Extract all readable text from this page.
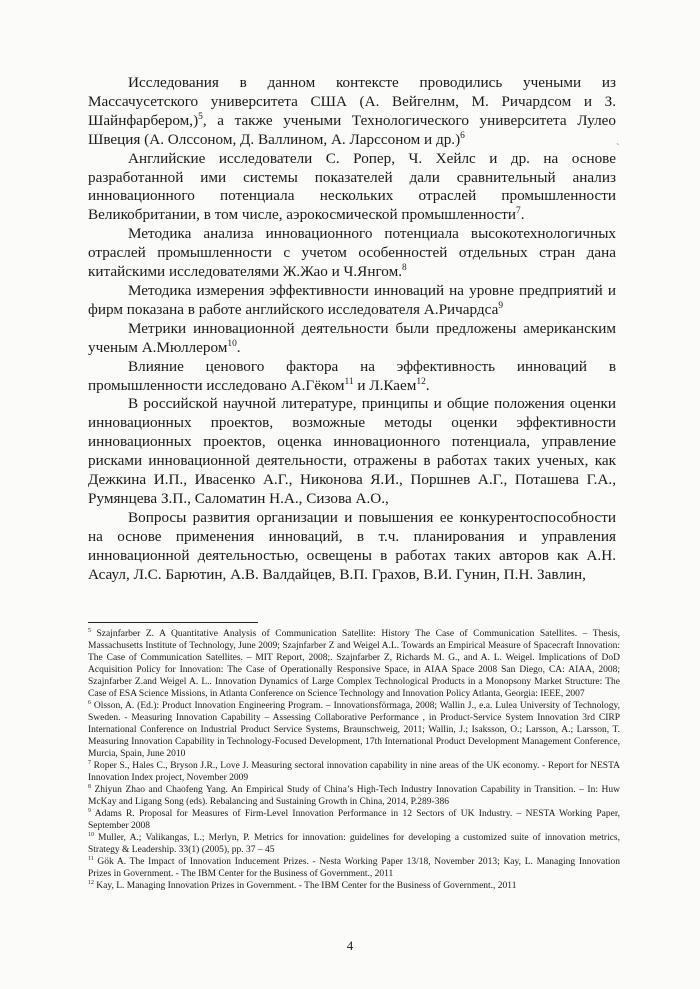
Исследования в данном контексте проводились учеными из Массачусетского университета США (А. Вейгелнм, М. Ричардсом и З. Шайнфарбером,)$^5$, а также учеными Технологического университета Лулео Швеция (А. Олссоном, Д. Валлином, А. Ларссоном и др.)$^6$

Английские исследователи С. Ропер, Ч. Хейлс и др. на основе разработанной ими системы показателей дали сравнительный анализ инновационного потенциала нескольких отраслей промышленности Великобритании, в том числе, аэрокосмической промышленности$^7$.

Методика анализа инновационного потенциала высокотехнологичных отраслей промышленности с учетом особенностей отдельных стран дана китайскими исследователями Ж.Жао и Ч.Янгом.$^8$

Методика измерения эффективности инноваций на уровне предприятий и фирм показана в работе английского исследователя А.Ричардса$^9$

Метрики инновационной деятельности были предложены американским ученым А.Мюллером$^{10}$.

Влияние ценового фактора на эффективность инноваций в промышленности исследовано А.Гёком$^{11}$ и Л.Каем$^{12}$.

В российской научной литературе, принципы и общие положения оценки инновационных проектов, возможные методы оценки эффективности инновационных проектов, оценка инновационного потенциала, управление рисками инновационной деятельности, отражены в работах таких ученых, как Дежкина И.П., Ивасенко А.Г., Никонова Я.И., Поршнев А.Г., Поташева Г.А., Румянцева З.П., Саломатин Н.А., Сизова А.О.,

Вопросы развития организации и повышения ее конкурентоспособности на основе применения инноваций, в т.ч. планирования и управления инновационной деятельностью, освещены в работах таких авторов как А.Н. Асаул, Л.С. Барютин, А.В. Валдайцев, В.П. Грахов, В.И. Гунин, П.Н. Завлин,

ˋ

$^5$ Szajnfarber Z. A Quantitative Analysis of Communication Satellite: History The Case of Communication Satellites. – Thesis, Massachusetts Institute of Technology, June 2009; Szajnfarber Z and Weigel A.L. Towards an Empirical Measure of Spacecraft Innovation: The Case of Communication Satellites. – MIT Report, 2008;. Szajnfarber Z, Richards M. G., and A. L. Weigel. Implications of DoD Acquisition Policy for Innovation: The Case of Operationally Responsive Space, in AIAA Space 2008 San Diego, CA: AIAA, 2008; Szajnfarber Z.and Weigel A. L.. Innovation Dynamics of Large Complex Technological Products in a Monopsony Market Structure: The Case of ESA Science Missions, in Atlanta Conference on Science Technology and Innovation Policy Atlanta, Georgia: IEEE, 2007

$^6$ Olsson, A. (Ed.): Product Innovation Engineering Program. – Innovationsförmaga, 2008; Wallin J., e.a. Lulea University of Technology, Sweden. - Measuring Innovation Capability – Assessing Collaborative Performance , in Product-Service System Innovation 3rd CIRP International Conference on Industrial Product Service Systems, Braunschweig, 2011; Wallin, J.; Isaksson, O.; Larsson, A.; Larsson, T. Measuring Innovation Capability in Technology-Focused Development, 17th International Product Development Management Conference, Murcia, Spain, June 2010

$^7$ Roper S., Hales C., Bryson J.R., Love J. Measuring sectoral innovation capability in nine areas of the UK economy. - Report for NESTA Innovation Index project, November 2009

$^8$ Zhiyun Zhao and Chaofeng Yang. An Empirical Study of China’s High-Tech Industry Innovation Capability in Transition. – In: Huw McKay and Ligang Song (eds). Rebalancing and Sustaining Growth in China, 2014, P.289-386

$^9$ Adams R. Proposal for Measures of Firm-Level Innovation Performance in 12 Sectors of UK Industry. – NESTA Working Paper, September 2008

$^{10}$ Muller, A.; Valikangas, L.; Merlyn, P. Metrics for innovation: guidelines for developing a customized suite of innovation metrics, Strategy & Leadership. 33(1) (2005), pp. 37 – 45

$^{11}$ Gök A. The Impact of Innovation Inducement Prizes. - Nesta Working Paper 13/18, November 2013; Kay, L. Managing Innovation Prizes in Government. - The IBM Center for the Business of Government., 2011

$^{12}$ Kay, L. Managing Innovation Prizes in Government. - The IBM Center for the Business of Government., 2011

4
